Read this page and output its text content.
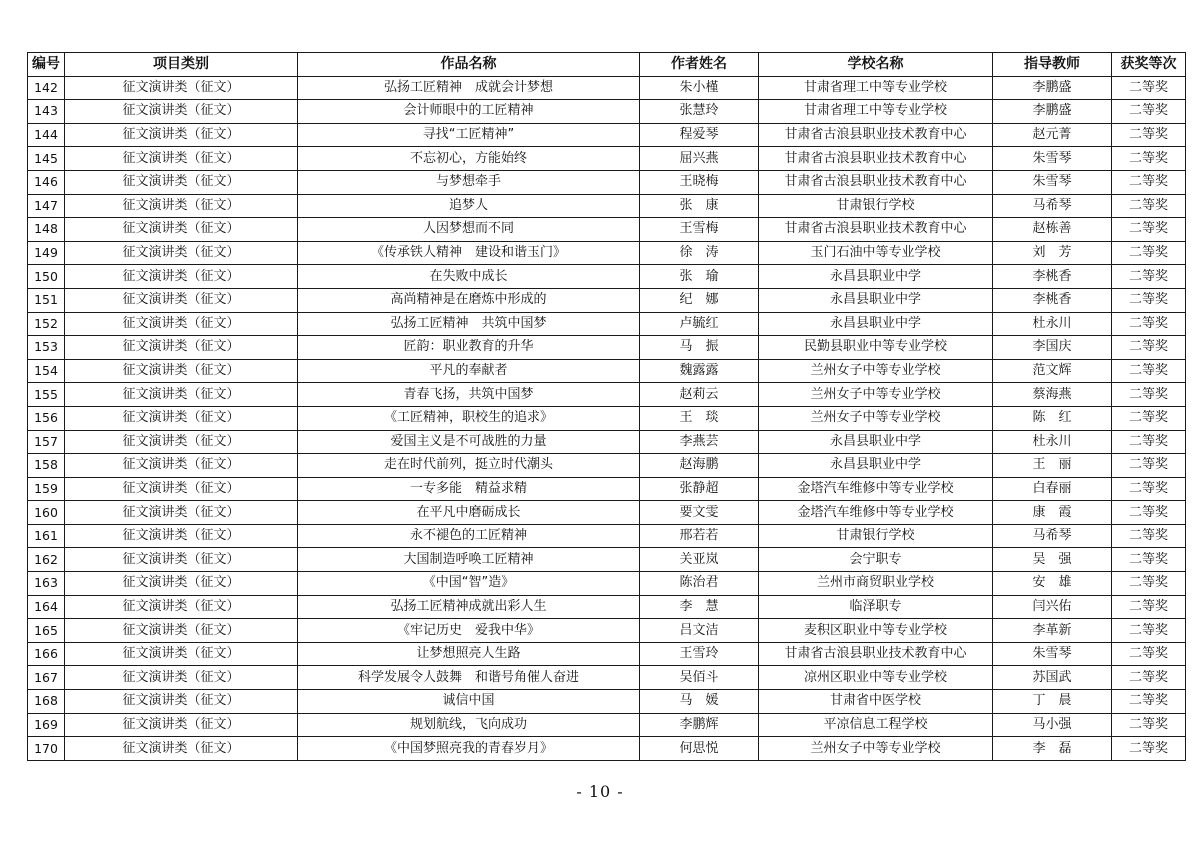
编号	项目类别	作品名称	作者姓名	学校名称	指导教师	获奖等次
142	征文演讲类（征文）	弘扬工匠精神　成就会计梦想	朱小槿	甘肃省理工中等专业学校	李鹏盛	二等奖
143	征文演讲类（征文）	会计师眼中的工匠精神	张慧玲	甘肃省理工中等专业学校	李鹏盛	二等奖
144	征文演讲类（征文）	寻找“工匠精神”	程爱琴	甘肃省古浪县职业技术教育中心	赵元菁	二等奖
145	征文演讲类（征文）	不忘初心，方能始终	屈兴燕	甘肃省古浪县职业技术教育中心	朱雪琴	二等奖
146	征文演讲类（征文）	与梦想牵手	王晓梅	甘肃省古浪县职业技术教育中心	朱雪琴	二等奖
147	征文演讲类（征文）	追梦人	张　康	甘肃银行学校	马希琴	二等奖
148	征文演讲类（征文）	人因梦想而不同	王雪梅	甘肃省古浪县职业技术教育中心	赵栋善	二等奖
149	征文演讲类（征文）	《传承铁人精神　建设和谐玉门》	徐　涛	玉门石油中等专业学校	刘　芳	二等奖
150	征文演讲类（征文）	在失败中成长	张　瑜	永昌县职业中学	李桃香	二等奖
151	征文演讲类（征文）	高尚精神是在磨炼中形成的	纪　娜	永昌县职业中学	李桃香	二等奖
152	征文演讲类（征文）	弘扬工匠精神　共筑中国梦	卢毓红	永昌县职业中学	杜永川	二等奖
153	征文演讲类（征文）	匠韵：职业教育的升华	马　振	民勤县职业中等专业学校	李国庆	二等奖
154	征文演讲类（征文）	平凡的奉献者	魏露露	兰州女子中等专业学校	范文辉	二等奖
155	征文演讲类（征文）	青春飞扬，共筑中国梦	赵莉云	兰州女子中等专业学校	蔡海燕	二等奖
156	征文演讲类（征文）	《工匠精神，职校生的追求》	王　琰	兰州女子中等专业学校	陈　红	二等奖
157	征文演讲类（征文）	爱国主义是不可战胜的力量	李燕芸	永昌县职业中学	杜永川	二等奖
158	征文演讲类（征文）	走在时代前列，挺立时代潮头	赵海鹏	永昌县职业中学	王　丽	二等奖
159	征文演讲类（征文）	一专多能　精益求精	张静超	金塔汽车维修中等专业学校	白春丽	二等奖
160	征文演讲类（征文）	在平凡中磨砺成长	要文雯	金塔汽车维修中等专业学校	康　霞	二等奖
161	征文演讲类（征文）	永不褪色的工匠精神	邢若若	甘肃银行学校	马希琴	二等奖
162	征文演讲类（征文）	大国制造呼唤工匠精神	关亚岚	会宁职专	吴　强	二等奖
163	征文演讲类（征文）	《中国“智”造》	陈治君	兰州市商贸职业学校	安　雄	二等奖
164	征文演讲类（征文）	弘扬工匠精神成就出彩人生	李　慧	临泽职专	闫兴佑	二等奖
165	征文演讲类（征文）	《牢记历史　爱我中华》	吕文洁	麦积区职业中等专业学校	李革新	二等奖
166	征文演讲类（征文）	让梦想照亮人生路	王雪玲	甘肃省古浪县职业技术教育中心	朱雪琴	二等奖
167	征文演讲类（征文）	科学发展令人鼓舞　和谐号角催人奋进	吴佰斗	凉州区职业中等专业学校	苏国武	二等奖
168	征文演讲类（征文）	诚信中国	马　媛	甘肃省中医学校	丁　晨	二等奖
169	征文演讲类（征文）	规划航线，飞向成功	李鹏辉	平凉信息工程学校	马小强	二等奖
170	征文演讲类（征文）	《中国梦照亮我的青春岁月》	何思悦	兰州女子中等专业学校	李　磊	二等奖
- 10 -
